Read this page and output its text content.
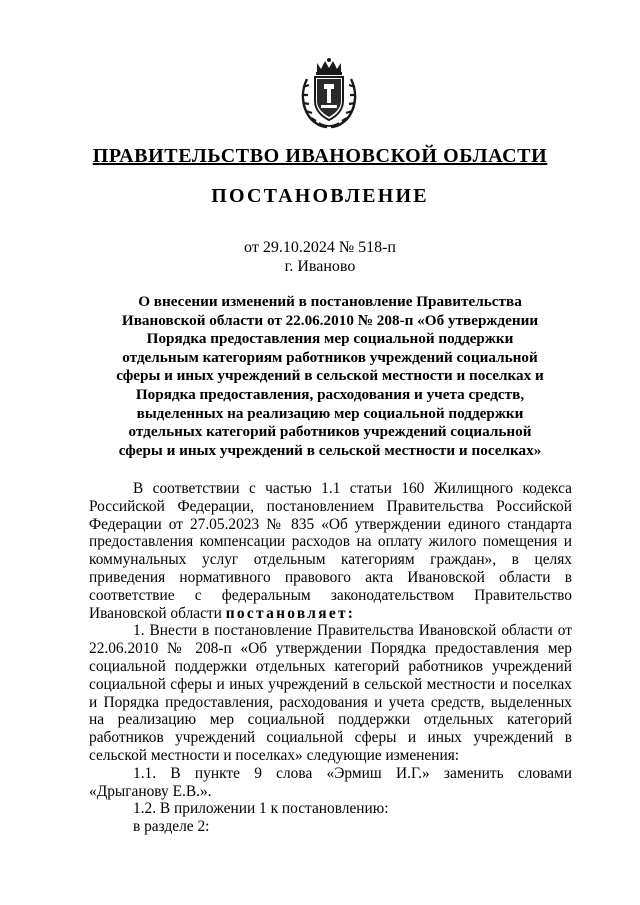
ПРАВИТЕЛЬСТВО ИВАНОВСКОЙ ОБЛАСТИ
ПОСТАНОВЛЕНИЕ
от 29.10.2024 № 518-п
г. Иваново
О внесении изменений в постановление Правительства Ивановской области от 22.06.2010 № 208-п «Об утверждении Порядка предоставления мер социальной поддержки отдельным категориям работников учреждений социальной сферы и иных учреждений в сельской местности и поселках и Порядка предоставления, расходования и учета средств, выделенных на реализацию мер социальной поддержки отдельных категорий работников учреждений социальной сферы и иных учреждений в сельской местности и поселках»

В соответствии с частью 1.1 статьи 160 Жилищного кодекса Российской Федерации, постановлением Правительства Российской Федерации от 27.05.2023 № 835 «Об утверждении единого стандарта предоставления компенсации расходов на оплату жилого помещения и коммунальных услуг отдельным категориям граждан», в целях приведения нормативного правового акта Ивановской области в соответствие с федеральным законодательством Правительство Ивановской области постановляет:

1. Внести в постановление Правительства Ивановской области от 22.06.2010 № 208-п «Об утверждении Порядка предоставления мер социальной поддержки отдельных категорий работников учреждений социальной сферы и иных учреждений в сельской местности и поселках и Порядка предоставления, расходования и учета средств, выделенных на реализацию мер социальной поддержки отдельных категорий работников учреждений социальной сферы и иных учреждений в сельской местности и поселках» следующие изменения:

1.1. В пункте 9 слова «Эрмиш И.Г.» заменить словами «Дрыганову Е.В.».

1.2. В приложении 1 к постановлению:

в разделе 2:
